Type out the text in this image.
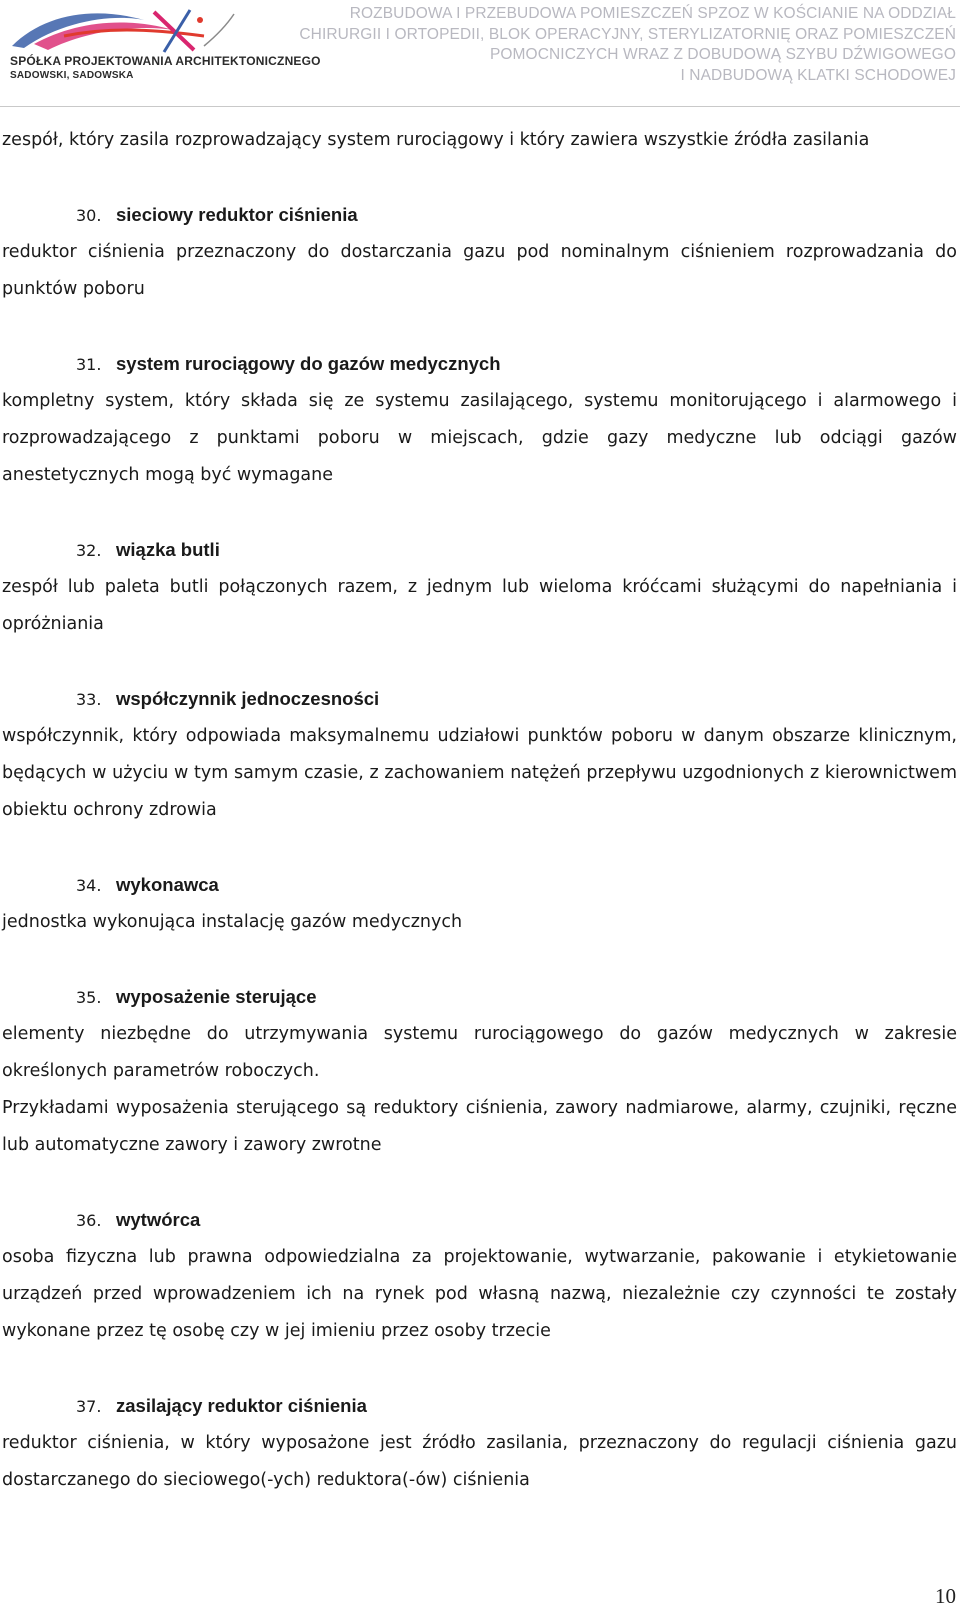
SPÓŁKA PROJEKTOWANIA ARCHITEKTONICZNEGO
SADOWSKI, SADOWSKA
ROZBUDOWA I PRZEBUDOWA POMIESZCZEŃ SPZOZ W KOŚCIANIE NA ODDZIAŁ
CHIRURGII I ORTOPEDII, BLOK OPERACYJNY, STERYLIZATORNIĘ ORAZ POMIESZCZEŃ
POMOCNICZYCH WRAZ Z DOBUDOWĄ SZYBU DŹWIGOWEGO
I NADBUDOWĄ KLATKI SCHODOWEJ

zespół, który zasila rozprowadzający system rurociągowy i który zawiera wszystkie źródła zasilania

30. sieciowy reduktor ciśnienia

reduktor ciśnienia przeznaczony do dostarczania gazu pod nominalnym ciśnieniem rozprowadzania do punktów poboru

31. system rurociągowy do gazów medycznych

kompletny system, który składa się ze systemu zasilającego, systemu monitorującego i alarmowego i rozprowadzającego z punktami poboru w miejscach, gdzie gazy medyczne lub odciągi gazów anestetycznych mogą być wymagane

32. wiązka butli

zespół lub paleta butli połączonych razem, z jednym lub wieloma króćcami służącymi do napełniania i opróżniania

33. współczynnik jednoczesności

współczynnik, który odpowiada maksymalnemu udziałowi punktów poboru w danym obszarze klinicznym, będących w użyciu w tym samym czasie, z zachowaniem natężeń przepływu uzgodnionych z kierownictwem obiektu ochrony zdrowia

34. wykonawca

jednostka wykonująca instalację gazów medycznych

35. wyposażenie sterujące

elementy niezbędne do utrzymywania systemu rurociągowego do gazów medycznych w zakresie określonych parametrów roboczych.

Przykładami wyposażenia sterującego są reduktory ciśnienia, zawory nadmiarowe, alarmy, czujniki, ręczne lub automatyczne zawory i zawory zwrotne

36. wytwórca

osoba fizyczna lub prawna odpowiedzialna za projektowanie, wytwarzanie, pakowanie i etykietowanie urządzeń przed wprowadzeniem ich na rynek pod własną nazwą, niezależnie czy czynności te zostały wykonane przez tę osobę czy w jej imieniu przez osoby trzecie

37. zasilający reduktor ciśnienia

reduktor ciśnienia, w który wyposażone jest źródło zasilania, przeznaczony do regulacji ciśnienia gazu dostarczanego do sieciowego(-ych) reduktora(-ów) ciśnienia

10
